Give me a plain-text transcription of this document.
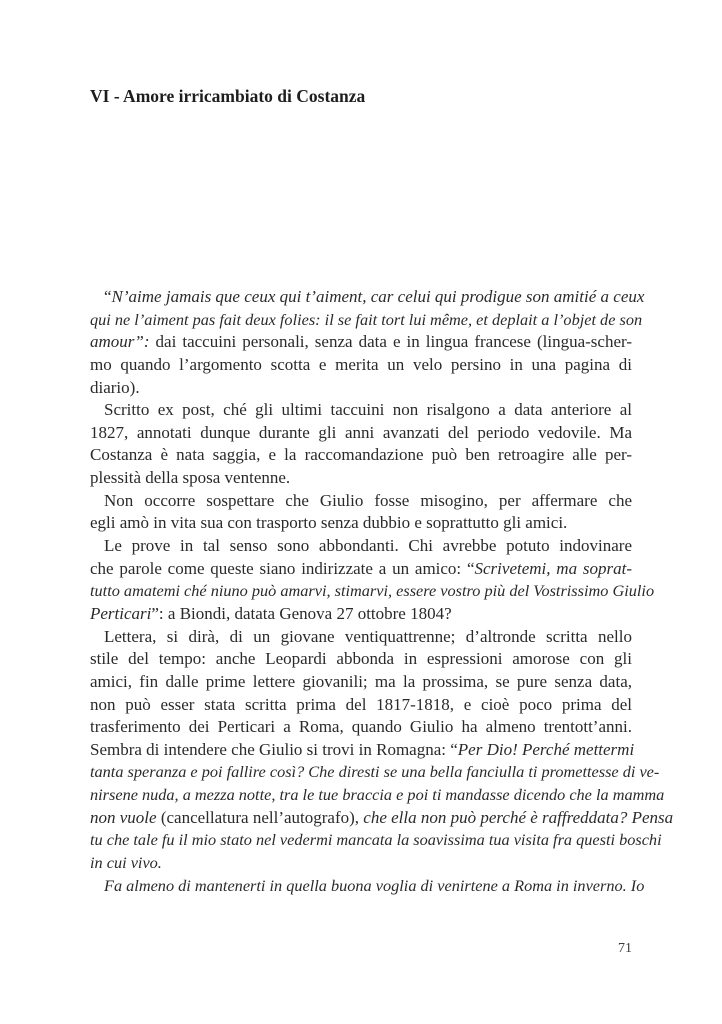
VI - Amore irricambiato di Costanza
“N’aime jamais que ceux qui t’aiment, car celui qui prodigue son amitié a ceux
qui ne l’aiment pas fait deux folies: il se fait tort lui même, et deplait a l’objet de son
amour”: dai taccuini personali, senza data e in lingua francese (lingua-scher-
mo quando l’argomento scotta e merita un velo persino in una pagina di
diario).
Scritto ex post, ché gli ultimi taccuini non risalgono a data anteriore al
1827, annotati dunque durante gli anni avanzati del periodo vedovile. Ma
Costanza è nata saggia, e la raccomandazione può ben retroagire alle per-
plessità della sposa ventenne.
Non occorre sospettare che Giulio fosse misogino, per affermare che
egli amò in vita sua con trasporto senza dubbio e soprattutto gli amici.
Le prove in tal senso sono abbondanti. Chi avrebbe potuto indovinare
che parole come queste siano indirizzate a un amico: “Scrivetemi, ma soprat-
tutto amatemi ché niuno può amarvi, stimarvi, essere vostro più del Vostrissimo Giulio
Perticari”: a Biondi, datata Genova 27 ottobre 1804?
Lettera, si dirà, di un giovane ventiquattrenne; d’altronde scritta nello
stile del tempo: anche Leopardi abbonda in espressioni amorose con gli
amici, fin dalle prime lettere giovanili; ma la prossima, se pure senza data,
non può esser stata scritta prima del 1817-1818, e cioè poco prima del
trasferimento dei Perticari a Roma, quando Giulio ha almeno trentott’anni.
Sembra di intendere che Giulio si trovi in Romagna: “Per Dio! Perché mettermi
tanta speranza e poi fallire così? Che diresti se una bella fanciulla ti promettesse di ve-
nirsene nuda, a mezza notte, tra le tue braccia e poi ti mandasse dicendo che la mamma
non vuole (cancellatura nell’autografo), che ella non può perché è raffreddata? Pensa
tu che tale fu il mio stato nel vedermi mancata la soavissima tua visita fra questi boschi
in cui vivo.
Fa almeno di mantenerti in quella buona voglia di venirtene a Roma in inverno. Io
71
